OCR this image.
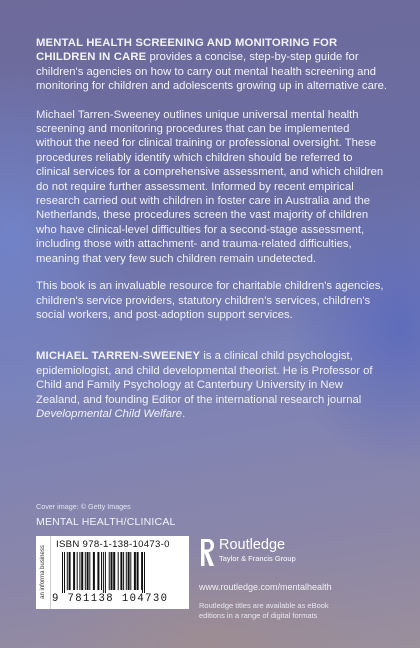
MENTAL HEALTH SCREENING AND MONITORING FOR CHILDREN IN CARE provides a concise, step-by-step guide for children's agencies on how to carry out mental health screening and monitoring for children and adolescents growing up in alternative care.

Michael Tarren-Sweeney outlines unique universal mental health screening and monitoring procedures that can be implemented without the need for clinical training or professional oversight. These procedures reliably identify which children should be referred to clinical services for a comprehensive assessment, and which children do not require further assessment. Informed by recent empirical research carried out with children in foster care in Australia and the Netherlands, these procedures screen the vast majority of children who have clinical-level difficulties for a second-stage assessment, including those with attachment- and trauma-related difficulties, meaning that very few such children remain undetected.

This book is an invaluable resource for charitable children's agencies, children's service providers, statutory children's services, children's social workers, and post-adoption support services.

MICHAEL TARREN-SWEENEY is a clinical child psychologist, epidemiologist, and child developmental theorist. He is Professor of Child and Family Psychology at Canterbury University in New Zealand, and founding Editor of the international research journal Developmental Child Welfare.

Cover image: © Getty Images
MENTAL HEALTH/CLINICAL
an informa business
ISBN 978-1-138-10473-0
9 781138 104730
Routledge
Taylor & Francis Group
www.routledge.com/mentalhealth
Routledge titles are available as eBook editions in a range of digital formats
